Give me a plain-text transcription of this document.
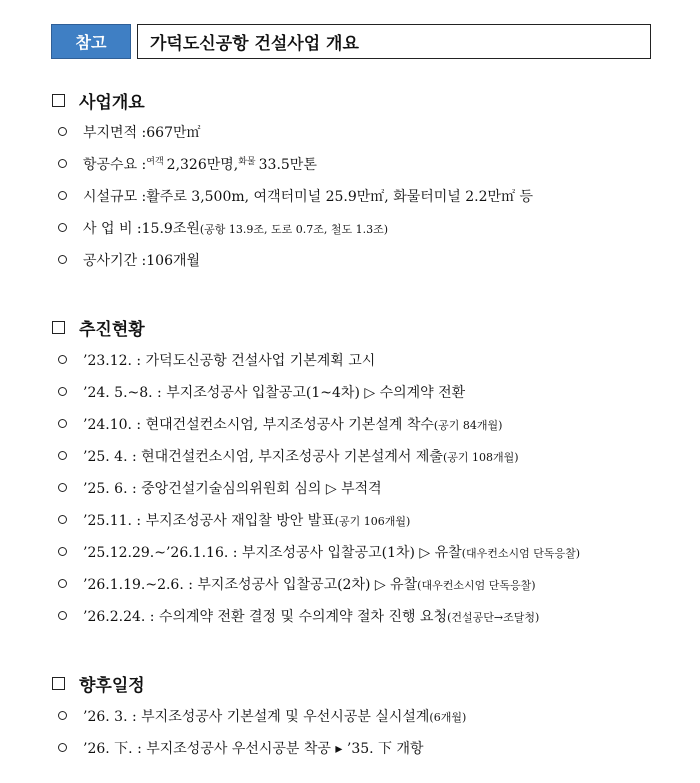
참고	가덕도신공항 건설사업 개요
사업개요
부지면적 : 667만㎡
항공수요 : 여객 2,326만명, 화물 33.5만톤
시설규모 : 활주로 3,500m, 여객터미널 25.9만㎡, 화물터미널 2.2만㎡ 등
사 업 비 : 15.9조원 (공항 13.9조, 도로 0.7조, 철도 1.3조)
공사기간 : 106개월
추진현황
’23.12. : 가덕도신공항 건설사업 기본계획 고시
’24. 5.~8. : 부지조성공사 입찰공고(1~4차) ▷ 수의계약 전환
’24.10. : 현대건설컨소시엄, 부지조성공사 기본설계 착수 (공기 84개월)
’25. 4. : 현대건설컨소시엄, 부지조성공사 기본설계서 제출 (공기 108개월)
’25. 6. : 중앙건설기술심의위원회 심의 ▷ 부적격
’25.11. : 부지조성공사 재입찰 방안 발표 (공기 106개월)
’25.12.29.~’26.1.16. : 부지조성공사 입찰공고(1차) ▷ 유찰 (대우컨소시엄 단독응찰)
’26.1.19.~2.6. : 부지조성공사 입찰공고(2차) ▷ 유찰 (대우컨소시엄 단독응찰)
’26.2.24. : 수의계약 전환 결정 및 수의계약 절차 진행 요청 (건설공단→조달청)
향후일정
’26. 3. : 부지조성공사 기본설계 및 우선시공분 실시설계 (6개월)
’26. 下. : 부지조성공사 우선시공분 착공 ▸ ’35. 下 개항
